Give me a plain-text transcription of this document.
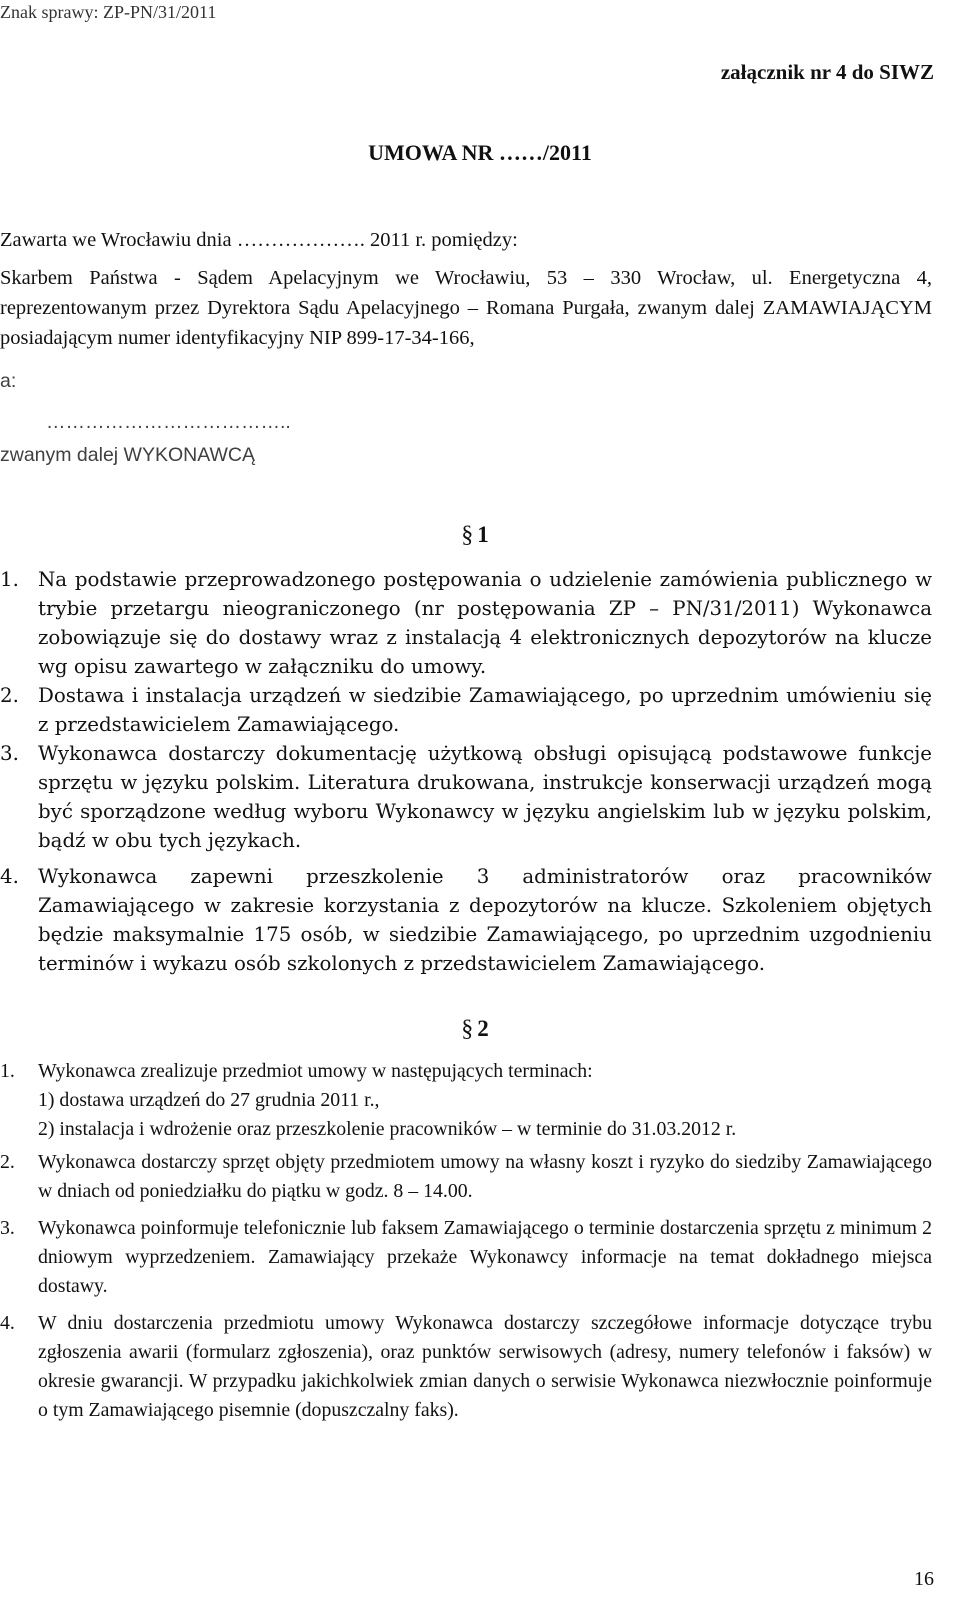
Znak sprawy: ZP-PN/31/2011
załącznik nr 4 do SIWZ
UMOWA NR ……/2011
Zawarta we Wrocławiu dnia ………………. 2011 r. pomiędzy:
Skarbem Państwa - Sądem Apelacyjnym we Wrocławiu, 53 – 330 Wrocław, ul. Energetyczna 4, reprezentowanym przez Dyrektora Sądu Apelacyjnego – Romana Purgała, zwanym dalej ZAMAWIAJĄCYM posiadającym numer identyfikacyjny NIP 899-17-34-166,
a:
………………………………..
zwanym dalej WYKONAWCĄ
§ 1
1. Na podstawie przeprowadzonego postępowania o udzielenie zamówienia publicznego w trybie przetargu nieograniczonego (nr postępowania ZP – PN/31/2011) Wykonawca zobowiązuje się do dostawy wraz z instalacją 4 elektronicznych depozytorów na klucze wg opisu zawartego w załączniku do umowy.
2. Dostawa i instalacja urządzeń w siedzibie Zamawiającego, po uprzednim umówieniu się z przedstawicielem Zamawiającego.
3. Wykonawca dostarczy dokumentację użytkową obsługi opisującą podstawowe funkcje sprzętu w języku polskim. Literatura drukowana, instrukcje konserwacji urządzeń mogą być sporządzone według wyboru Wykonawcy w języku angielskim lub w języku polskim, bądź w obu tych językach.
4. Wykonawca zapewni przeszkolenie 3 administratorów oraz pracowników Zamawiającego w zakresie korzystania z depozytorów na klucze. Szkoleniem objętych będzie maksymalnie 175 osób, w siedzibie Zamawiającego, po uprzednim uzgodnieniu terminów i wykazu osób szkolonych z przedstawicielem Zamawiającego.
§ 2
1. Wykonawca zrealizuje przedmiot umowy w następujących terminach:
1) dostawa urządzeń do 27 grudnia 2011 r.,
2) instalacja i wdrożenie oraz przeszkolenie pracowników – w terminie do 31.03.2012 r.
2. Wykonawca dostarczy sprzęt objęty przedmiotem umowy na własny koszt i ryzyko do siedziby Zamawiającego w dniach od poniedziałku do piątku w godz. 8 – 14.00.
3. Wykonawca poinformuje telefonicznie lub faksem Zamawiającego o terminie dostarczenia sprzętu z minimum 2 dniowym wyprzedzeniem. Zamawiający przekaże Wykonawcy informacje na temat dokładnego miejsca dostawy.
4. W dniu dostarczenia przedmiotu umowy Wykonawca dostarczy szczegółowe informacje dotyczące trybu zgłoszenia awarii (formularz zgłoszenia), oraz punktów serwisowych (adresy, numery telefonów i faksów) w okresie gwarancji. W przypadku jakichkolwiek zmian danych o serwisie Wykonawca niezwłocznie poinformuje o tym Zamawiającego pisemnie (dopuszczalny faks).
16
